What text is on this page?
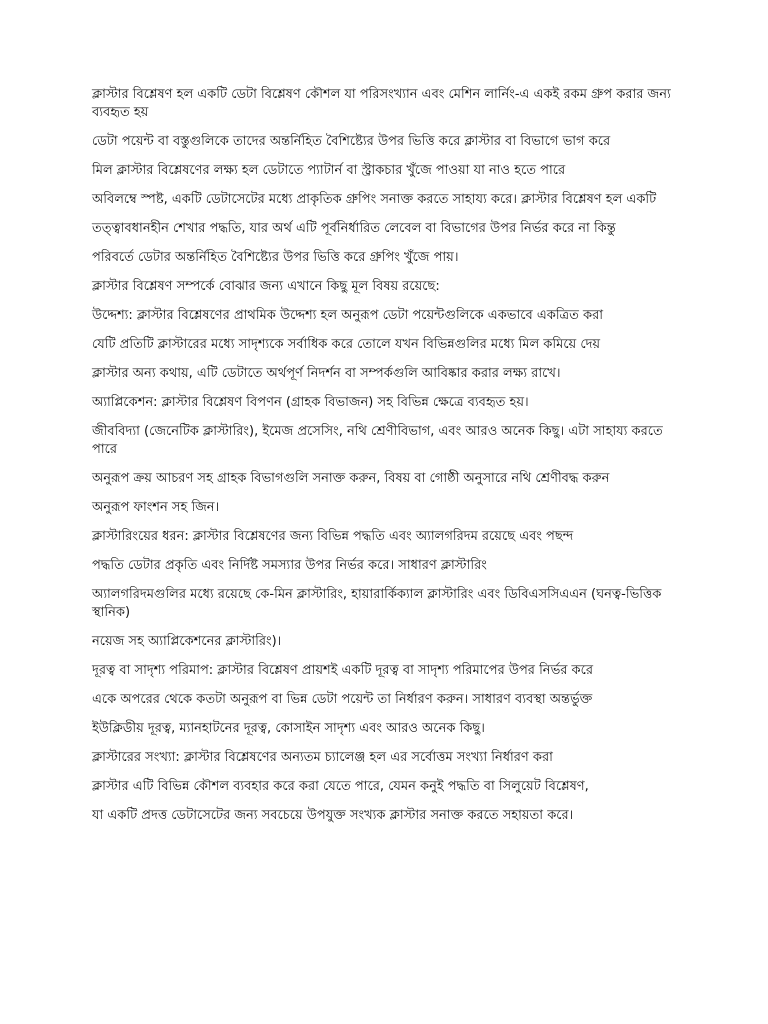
ক্লাস্টার বিশ্লেষণ হল একটি ডেটা বিশ্লেষণ কৌশল যা পরিসংখ্যান এবং মেশিন লার্নিং-এ একই রকম গ্রুপ করার জন্য ব্যবহৃত হয়

ডেটা পয়েন্ট বা বস্তুগুলিকে তাদের অন্তর্নিহিত বৈশিষ্ট্যের উপর ভিত্তি করে ক্লাস্টার বা বিভাগে ভাগ করে

মিল ক্লাস্টার বিশ্লেষণের লক্ষ্য হল ডেটাতে প্যাটার্ন বা স্ট্রাকচার খুঁজে পাওয়া যা নাও হতে পারে

অবিলম্বে স্পষ্ট, একটি ডেটাসেটের মধ্যে প্রাকৃতিক গ্রুপিং সনাক্ত করতে সাহায্য করে। ক্লাস্টার বিশ্লেষণ হল একটি

তত্ত্বাবধানহীন শেখার পদ্ধতি, যার অর্থ এটি পূর্বনির্ধারিত লেবেল বা বিভাগের উপর নির্ভর করে না কিন্তু

পরিবর্তে ডেটার অন্তর্নিহিত বৈশিষ্ট্যের উপর ভিত্তি করে গ্রুপিং খুঁজে পায়।

ক্লাস্টার বিশ্লেষণ সম্পর্কে বোঝার জন্য এখানে কিছু মূল বিষয় রয়েছে:

উদ্দেশ্য: ক্লাস্টার বিশ্লেষণের প্রাথমিক উদ্দেশ্য হল অনুরূপ ডেটা পয়েন্টগুলিকে একভাবে একত্রিত করা

যেটি প্রতিটি ক্লাস্টারের মধ্যে সাদৃশ্যকে সর্বাধিক করে তোলে যখন বিভিন্নগুলির মধ্যে মিল কমিয়ে দেয়

ক্লাস্টার অন্য কথায়, এটি ডেটাতে অর্থপূর্ণ নিদর্শন বা সম্পর্কগুলি আবিষ্কার করার লক্ষ্য রাখে।

অ্যাপ্লিকেশন: ক্লাস্টার বিশ্লেষণ বিপণন (গ্রাহক বিভাজন) সহ বিভিন্ন ক্ষেত্রে ব্যবহৃত হয়।

জীববিদ্যা (জেনেটিক ক্লাস্টারিং), ইমেজ প্রসেসিং, নথি শ্রেণীবিভাগ, এবং আরও অনেক কিছু। এটা সাহায্য করতে পারে

অনুরূপ ক্রয় আচরণ সহ গ্রাহক বিভাগগুলি সনাক্ত করুন, বিষয় বা গোষ্ঠী অনুসারে নথি শ্রেণীবদ্ধ করুন

অনুরূপ ফাংশন সহ জিন।

ক্লাস্টারিংয়ের ধরন: ক্লাস্টার বিশ্লেষণের জন্য বিভিন্ন পদ্ধতি এবং অ্যালগরিদম রয়েছে এবং পছন্দ

পদ্ধতি ডেটার প্রকৃতি এবং নির্দিষ্ট সমস্যার উপর নির্ভর করে। সাধারণ ক্লাস্টারিং

অ্যালগরিদমগুলির মধ্যে রয়েছে কে-মিন ক্লাস্টারিং, হায়ারার্কিক্যাল ক্লাস্টারিং এবং ডিবিএসসিএএন (ঘনত্ব-ভিত্তিক স্থানিক)

নয়েজ সহ অ্যাপ্লিকেশনের ক্লাস্টারিং)।

দূরত্ব বা সাদৃশ্য পরিমাপ: ক্লাস্টার বিশ্লেষণ প্রায়শই একটি দূরত্ব বা সাদৃশ্য পরিমাপের উপর নির্ভর করে

একে অপরের থেকে কতটা অনুরূপ বা ভিন্ন ডেটা পয়েন্ট তা নির্ধারণ করুন। সাধারণ ব্যবস্থা অন্তর্ভুক্ত

ইউক্লিডীয় দূরত্ব, ম্যানহাটনের দূরত্ব, কোসাইন সাদৃশ্য এবং আরও অনেক কিছু।

ক্লাস্টারের সংখ্যা: ক্লাস্টার বিশ্লেষণের অন্যতম চ্যালেঞ্জ হল এর সর্বোত্তম সংখ্যা নির্ধারণ করা

ক্লাস্টার এটি বিভিন্ন কৌশল ব্যবহার করে করা যেতে পারে, যেমন কনুই পদ্ধতি বা সিলুয়েট বিশ্লেষণ,

যা একটি প্রদত্ত ডেটাসেটের জন্য সবচেয়ে উপযুক্ত সংখ্যক ক্লাস্টার সনাক্ত করতে সহায়তা করে।
